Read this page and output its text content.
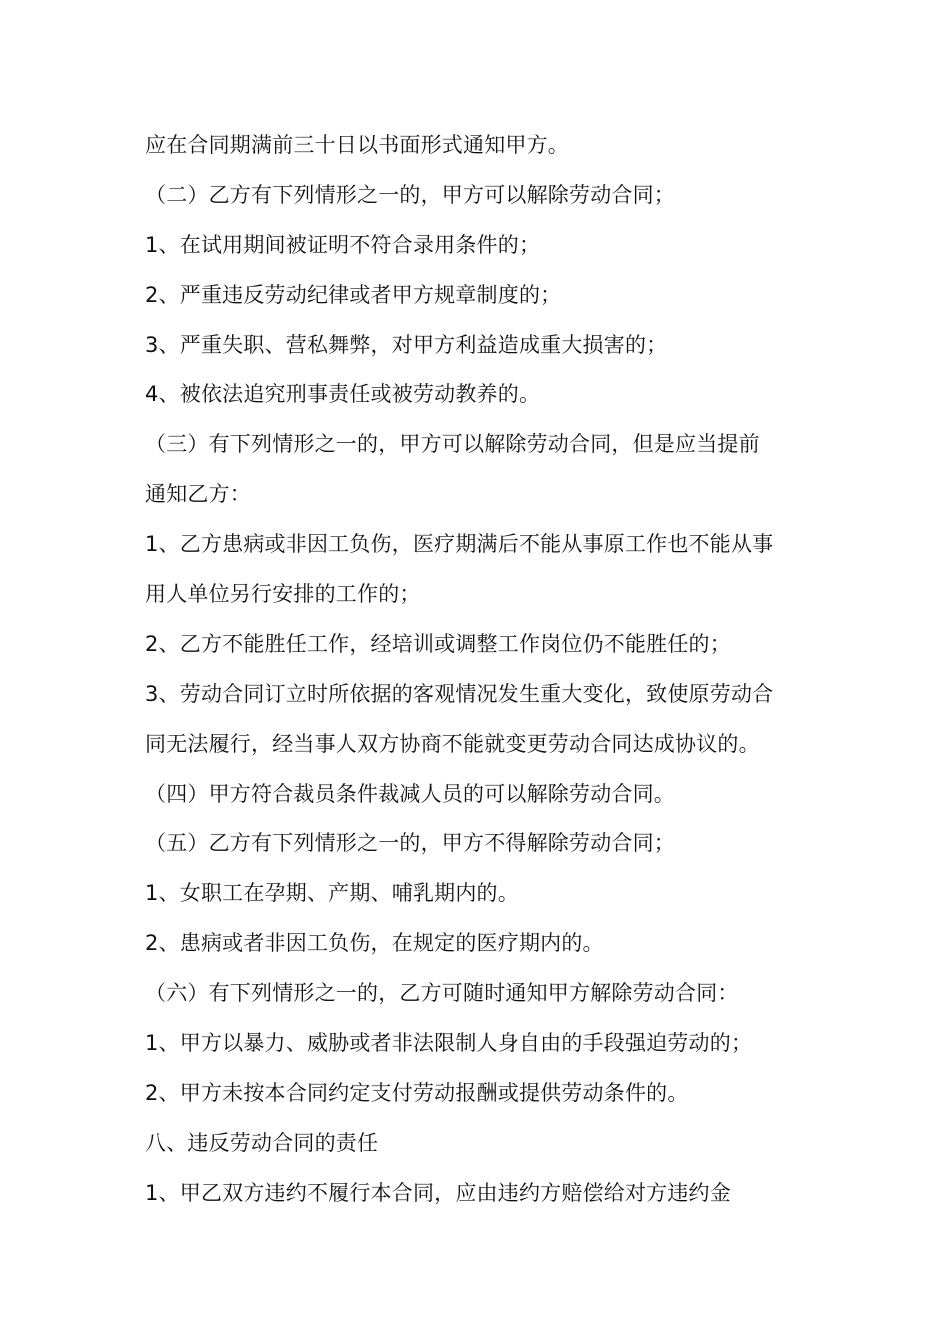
应在合同期满前三十日以书面形式通知甲方。
（二）乙方有下列情形之一的，甲方可以解除劳动合同；
1、在试用期间被证明不符合录用条件的；
2、严重违反劳动纪律或者甲方规章制度的；
3、严重失职、营私舞弊，对甲方利益造成重大损害的；
4、被依法追究刑事责任或被劳动教养的。
（三）有下列情形之一的，甲方可以解除劳动合同，但是应当提前
通知乙方：
1、乙方患病或非因工负伤，医疗期满后不能从事原工作也不能从事
用人单位另行安排的工作的；
2、乙方不能胜任工作，经培训或调整工作岗位仍不能胜任的；
3、劳动合同订立时所依据的客观情况发生重大变化，致使原劳动合
同无法履行，经当事人双方协商不能就变更劳动合同达成协议的。
（四）甲方符合裁员条件裁减人员的可以解除劳动合同。
（五）乙方有下列情形之一的，甲方不得解除劳动合同；
1、女职工在孕期、产期、哺乳期内的。
2、患病或者非因工负伤，在规定的医疗期内的。
（六）有下列情形之一的，乙方可随时通知甲方解除劳动合同：
1、甲方以暴力、威胁或者非法限制人身自由的手段强迫劳动的；
2、甲方未按本合同约定支付劳动报酬或提供劳动条件的。
八、违反劳动合同的责任
1、甲乙双方违约不履行本合同，应由违约方赔偿给对方违约金
